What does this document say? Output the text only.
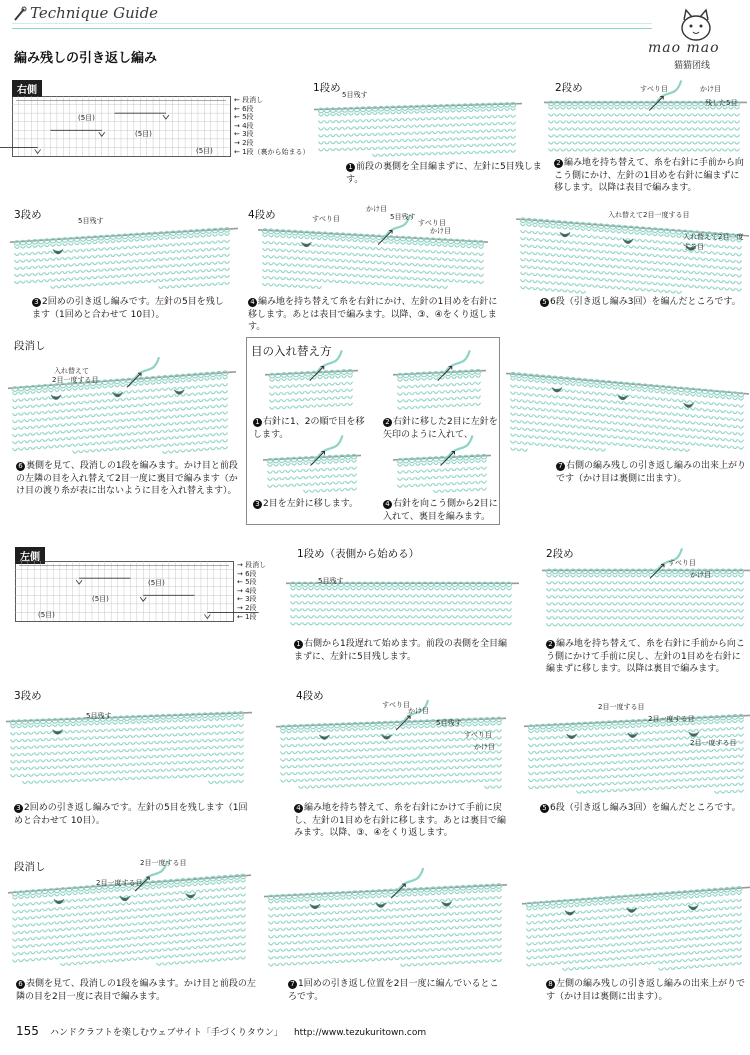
Technique Guide
編み残しの引き返し編み
mao mao
猫猫团线
右側
← 段消し
← 6段
← 5段
→ 4段
← 3段
→ 2段
← 1段（裏から始まる）
(5目)
(5目)
(5目)
1段め
5目残す
1 前段の裏側を全目編まずに、左針に5目残します。
2段め	すべり目	かけ目
残した5目
2 編み地を持ち替えて、糸を右針に手前から向こう側にかけ、左針の1目めを右針に編まずに移します。以降は表目で編みます。
3段め	5目残す
3 2回めの引き返し編みです。左針の5目を残します（1回めと合わせて 10目）。
4段め	すべり目
かけ目
5目残す
すべり目
かけ目
4 編み地を持ち替えて糸を右針にかけ、左針の1目めを右針に移します。あとは表目で編みます。以降、③、④をくり返します。
入れ替えて2目一度する目
入れ替えて2目一度する目
5 6段（引き返し編み3回）を編んだところです。
段消し
入れ替えて
2目一度する目
6 裏側を見て、段消しの1段を編みます。かけ目と前段の左隣の目を入れ替えて2目一度に裏目で編みます（かけ目の渡り糸が表に出ないように目を入れ替えます）。
目の入れ替え方
1 右針に1、2の順で目を移します。
2 右針に移した2目に左針を矢印のように入れて、
3 2目を左針に移します。	4 右針を向こう側から2目に入れて、裏目を編みます。
7 右側の編み残しの引き返し編みの出来上がりです（かけ目は裏側に出ます）。
左側
→ 段消し
→ 6段
← 5段
→ 4段
← 3段
→ 2段
← 1段
(5目)
(5目)
(5目)
1段め（表側から始める）
5目残す
1 右側から1段遅れて始めます。前段の表側を全目編まずに、左針に5目残します。
2段め
すべり目
かけ目
2 編み地を持ち替えて、糸を右針に手前から向こう側にかけて手前に戻し、左針の1目めを右針に編まずに移します。以降は裏目で編みます。
3段め
5目残す
3 2回めの引き返し編みです。左針の5目を残します（1回めと合わせて 10目）。
4段め
すべり目
かけ目
5目残す
すべり目
かけ目
4 編み地を持ち替えて、糸を右針にかけて手前に戻し、左針の1目めを右針に移します。あとは裏目で編みます。以降、③、④をくり返します。
2目一度する目
2目一度する目
2目一度する目
5 6段（引き返し編み3回）を編んだところです。
段消し	2目一度する目
2目一度する目
6 表側を見て、段消しの1段を編みます。かけ目と前段の左隣の目を2目一度に表目で編みます。
7 1回めの引き返し位置を2目一度に編んでいるところです。
8 左側の編み残しの引き返し編みの出来上がりです（かけ目は裏側に出ます）。
155 ハンドクラフトを楽しむウェブサイト「手づくりタウン」 http://www.tezukuritown.com
